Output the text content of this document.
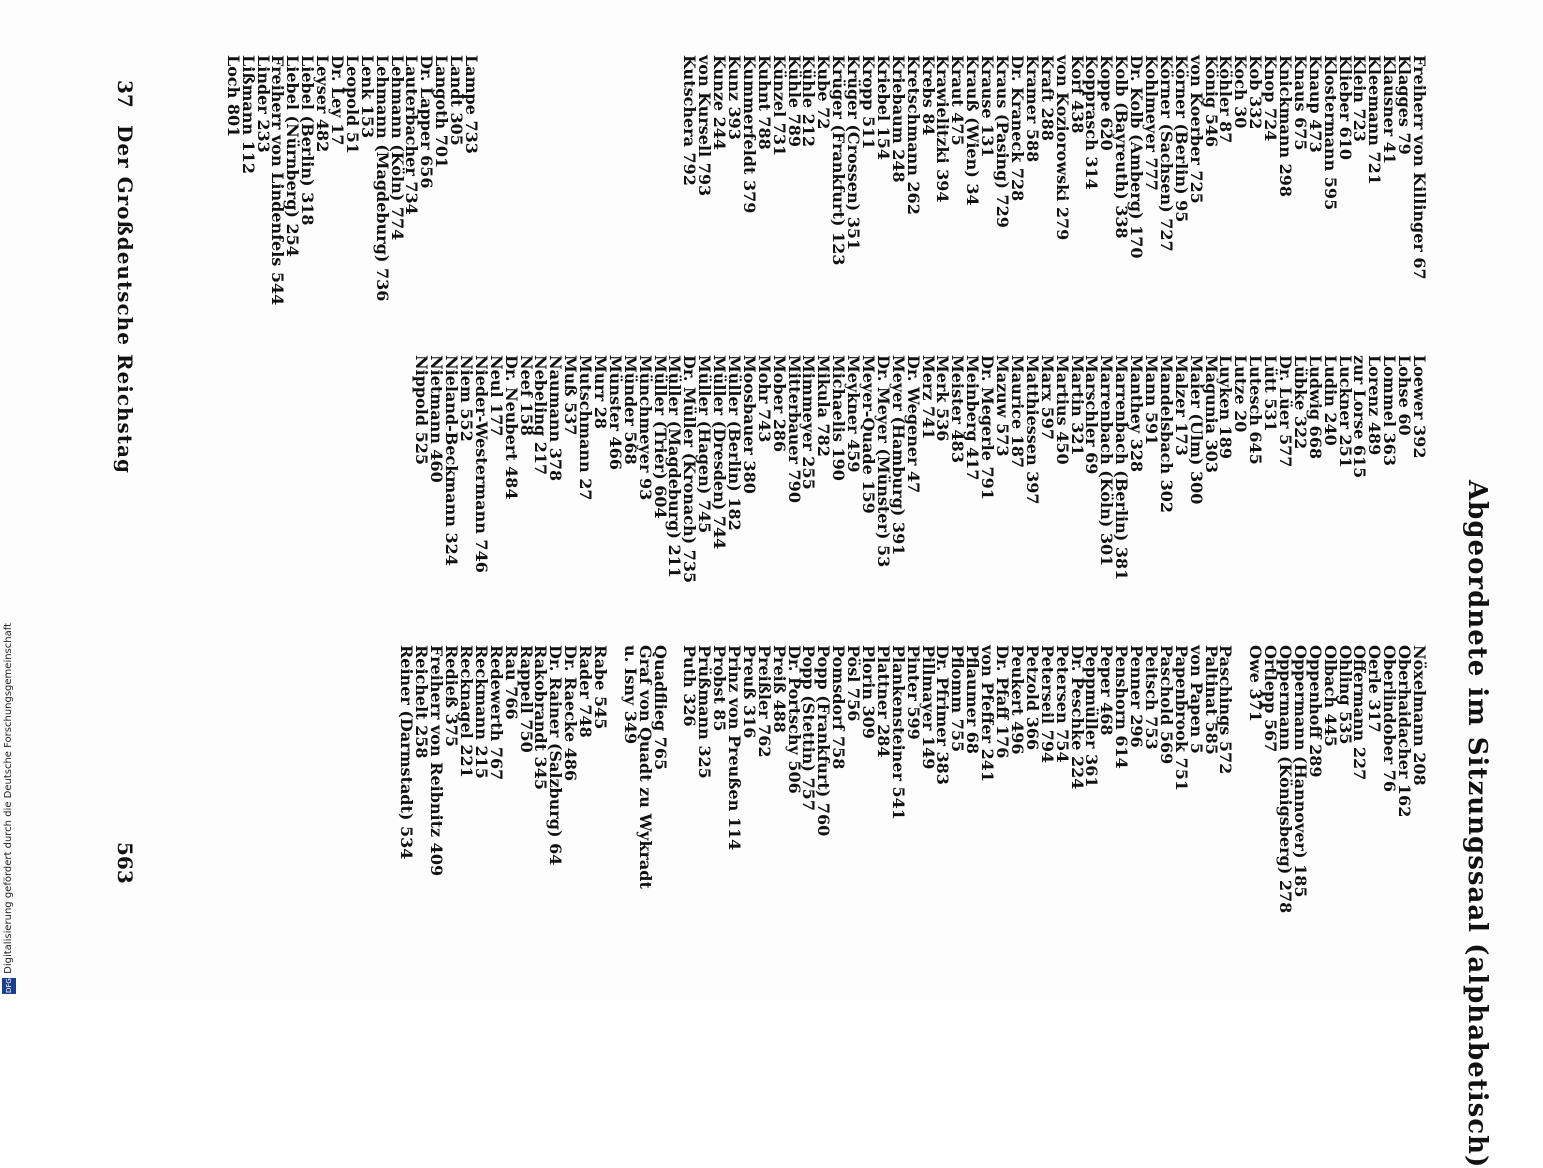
Abgeordnete im Sitzungssaal (alphabetisch)
Freiherr von Killinger 67
Klagges 79
Klausner 41
Kleemann 721
Klein 723
Klieber 610
Klostermann 595
Knaup 473
Knaus 675
Knickmann 298
Knop 724
Kob 332
Koch 30
Köhler 87
König 546
von Koerber 725
Körner (Berlin) 95
Körner (Sachsen) 727
Kohlmeyer 777
Dr. Kolb (Amberg) 170
Kolb (Bayreuth) 338
Koppe 620
Kopprasch 314
Korf 438
von Koziorowski 279
Kraft 288
Kramer 588
Dr. Kraneck 728
Kraus (Pasing) 729
Krause 131
Krauß (Wien) 34
Kraut 475
Krawielitzki 394
Krebs 84
Kretschmann 262
Kriebaum 248
Kriebel 154
Kropp 511
Krüger (Crossen) 351
Krüger (Frankfurt) 123
Kube 72
Kühle 212
Kühle 789
Künzel 731
Kuhnt 788
Kummerfeldt 379
Kunz 393
Kunze 244
von Kursell 793
Kutschera 792
Lampe 733
Landt 305
Langoth 701
Dr. Lapper 656
Lauterbacher 734
Lehmann (Köln) 774
Lehmann (Magdeburg) 736
Lenk 153
Leopold 51
Dr. Ley 17
Leyser 482
Liebel (Berlin) 318
Liebel (Nürnberg) 254
Freiherr von Lindenfels 544
Linder 233
Lißmann 112
Loch 801
Loewer 392
Lohse 60
Lommel 363
Lorenz 489
zur Lorse 615
Luckner 251
Ludin 240
Ludwig 668
Lübke 322
Dr. Lüer 577
Lütt 531
Lutesch 645
Lutze 20
Luyken 189
Magunia 303
Maier (Ulm) 300
Malzer 173
Mandelsbach 302
Mann 591
Manthey 328
Marrenbach (Berlin) 381
Marrenbach (Köln) 301
Marschler 69
Martin 321
Martius 450
Marx 597
Matthiessen 397
Maurice 187
Mazuw 573
Dr. Megerle 791
Meinberg 417
Meister 483
Merk 536
Merz 741
Dr. Wegener 47
Meyer (Hamburg) 391
Dr. Meyer (Münster) 53
Meyer-Quade 159
Meykner 459
Michaelis 190
Mikula 782
Mimmeyer 255
Mitterbauer 790
Mober 286
Mohr 743
Moosbauer 380
Müller (Berlin) 182
Müller (Dresden) 744
Müller (Hagen) 745
Dr. Müller (Kronach) 735
Müller (Magdeburg) 211
Müller (Trier) 604
Münchmeyer 93
Münder 568
Münster 466
Murr 28
Mutschmann 27
Muß 537
Naumann 378
Nebeling 217
Neef 158
Dr. Neubert 484
Neul 177
Nieder-Westermann 746
Niem 552
Nieland-Beckmann 324
Nietmann 460
Nippold 525
Nöxelmann 208
Oberhaidacher 162
Oberlindober 76
Oerle 317
Offermann 227
Ohling 535
Olbach 445
Oppenhoff 289
Oppermann (Hannover) 185
Oppermann (Königsberg) 278
Ortlepp 567
Owe 371
Paschings 572
Paltinat 585
von Papen 5
Papenbrook 751
Paschold 569
Peitsch 753
Penner 296
Penshorn 614
Peper 468
Peppmüller 361
Dr. Peschke 224
Petersen 754
Peterseil 794
Petzold 366
Peukert 496
Dr. Pfaff 176
von Pfeffer 241
Pflaumer 68
Pflomm 755
Dr. Pfrimer 383
Pillmayer 149
Pinter 599
Plankensteiner 541
Plattner 284
Plorin 309
Pösl 756
Pomsdorf 758
Popp (Frankfurt) 760
Popp (Stettin) 757
Dr. Portschy 506
Preiß 488
Preißler 762
Preuß 316
Prinz von Preußen 114
Probst 85
Prüßmann 325
Puth 326
Quadflieg 765
Graf von Quadt zu Wykradt
u. Isny 349
Rabe 545
Rader 748
Dr. Raecke 486
Dr. Rainer (Salzburg) 64
Rakobrandt 345
Rappell 750
Rau 766
Redewerth 767
Reckmann 215
Recknagel 221
Redieß 375
Freiherr von Reibnitz 409
Reichelt 258
Reiner (Darmstadt) 534
37
Der Großdeutsche Reichstag
563
Digitalisierung gefördert durch die Deutsche Forschungsgemeinschaft
DFG
